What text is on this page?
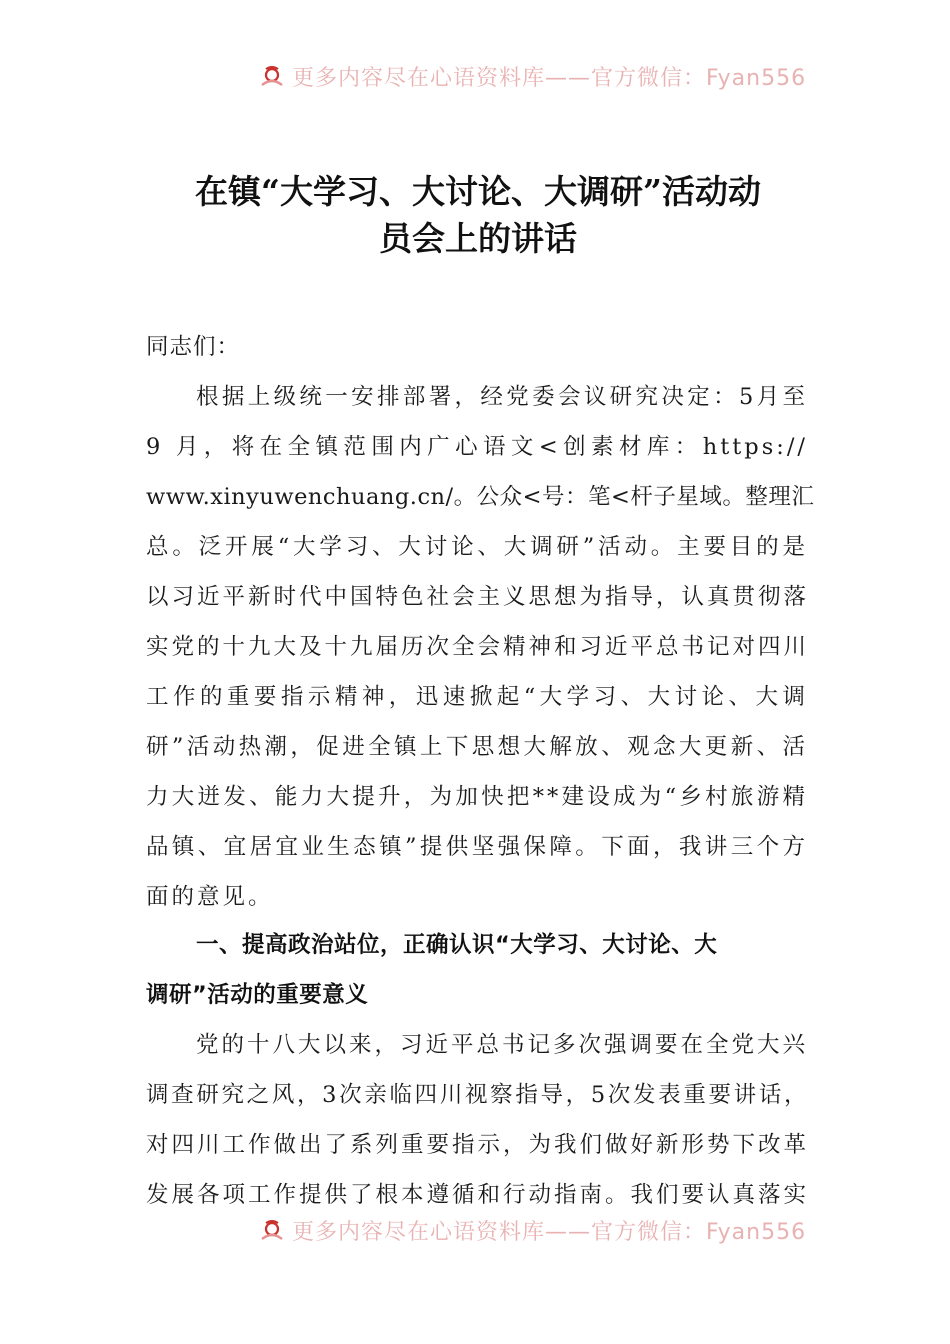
更多内容尽在心语资料库——官方微信：Fyan556
在镇“大学习、大讨论、大调研”活动动
员会上的讲话

同志们：

根据上级统一安排部署，经党委会议研究决定：5月至
9 月，将在全镇范围内广心语文<创素材库：https://
www.xinyuwenchuang.cn/。公众<号：笔<杆子星域。整理汇
总。泛开展“大学习、大讨论、大调研”活动。主要目的是
以习近平新时代中国特色社会主义思想为指导，认真贯彻落
实党的十九大及十九届历次全会精神和习近平总书记对四川
工作的重要指示精神，迅速掀起“大学习、大讨论、大调
研”活动热潮，促进全镇上下思想大解放、观念大更新、活
力大迸发、能力大提升，为加快把**建设成为“乡村旅游精
品镇、宜居宜业生态镇”提供坚强保障。下面，我讲三个方
面的意见。
一、提高政治站位，正确认识“大学习、大讨论、大
调研”活动的重要意义
党的十八大以来，习近平总书记多次强调要在全党大兴
调查研究之风，3次亲临四川视察指导，5次发表重要讲话，
对四川工作做出了系列重要指示，为我们做好新形势下改革
发展各项工作提供了根本遵循和行动指南。我们要认真落实
更多内容尽在心语资料库——官方微信：Fyan556
